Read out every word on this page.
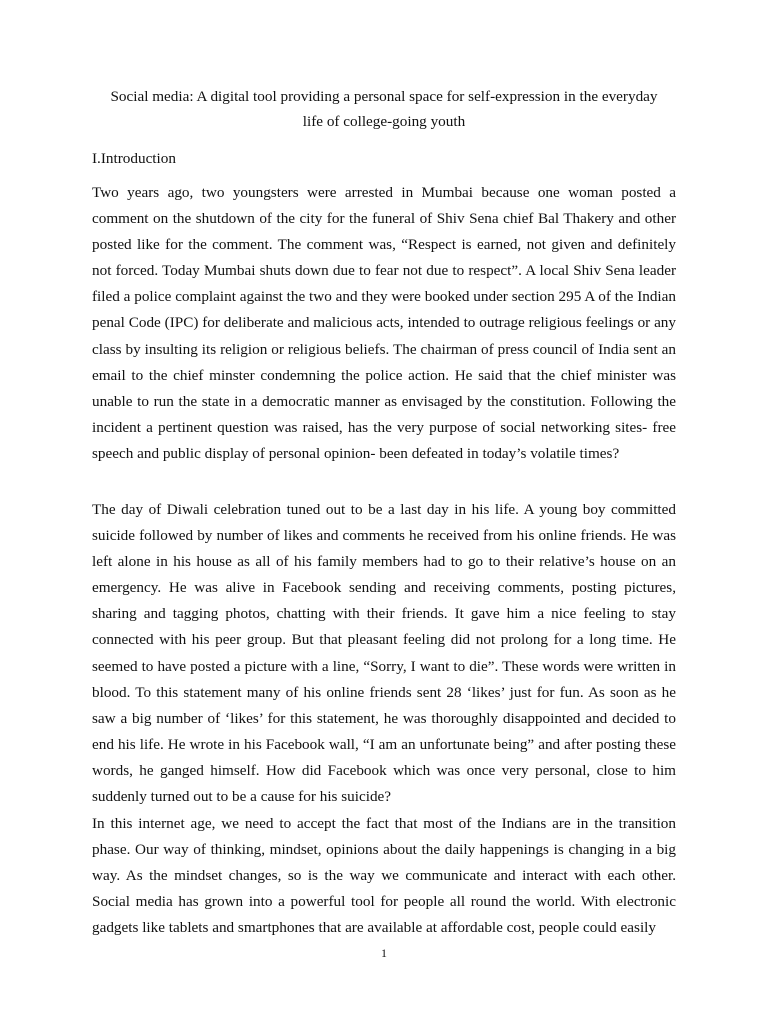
Social media: A digital tool providing a personal space for self-expression in the everyday
life of college-going youth
I.Introduction

Two years ago, two youngsters were arrested in Mumbai because one woman posted a comment on the shutdown of the city for the funeral of Shiv Sena chief Bal Thakery and other posted like for the comment. The comment was, “Respect is earned, not given and definitely not forced. Today Mumbai shuts down due to fear not due to respect”. A local Shiv Sena leader filed a police complaint against the two and they were booked under section 295 A of the Indian penal Code (IPC) for deliberate and malicious acts, intended to outrage religious feelings or any class by insulting its religion or religious beliefs. The chairman of press council of India sent an email to the chief minster condemning the police action. He said that the chief minister was unable to run the state in a democratic manner as envisaged by the constitution. Following the incident a pertinent question was raised, has the very purpose of social networking sites- free speech and public display of personal opinion- been defeated in today’s volatile times?

The day of Diwali celebration tuned out to be a last day in his life. A young boy committed suicide followed by number of likes and comments he received from his online friends. He was left alone in his house as all of his family members had to go to their relative’s house on an emergency. He was alive in Facebook sending and receiving comments, posting pictures, sharing and tagging photos, chatting with their friends. It gave him a nice feeling to stay connected with his peer group. But that pleasant feeling did not prolong for a long time. He seemed to have posted a picture with a line, “Sorry, I want to die”. These words were written in blood. To this statement many of his online friends sent 28 ‘likes’ just for fun. As soon as he saw a big number of ‘likes’ for this statement, he was thoroughly disappointed and decided to end his life. He wrote in his Facebook wall, “I am an unfortunate being” and after posting these words, he ganged himself. How did Facebook which was once very personal, close to him suddenly turned out to be a cause for his suicide?

In this internet age, we need to accept the fact that most of the Indians are in the transition phase. Our way of thinking, mindset, opinions about the daily happenings is changing in a big way. As the mindset changes, so is the way we communicate and interact with each other. Social media has grown into a powerful tool for people all round the world. With electronic gadgets like tablets and smartphones that are available at affordable cost, people could easily

1
